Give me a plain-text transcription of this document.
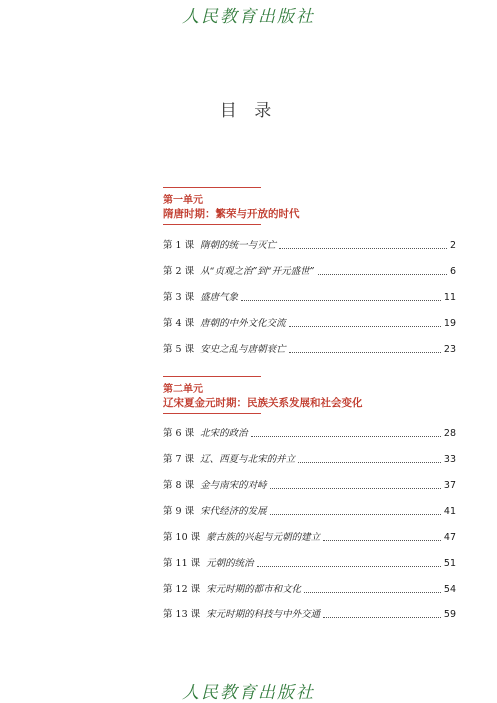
人民教育出版社
目 录
第一单元
隋唐时期：繁荣与开放的时代
第 1 课 隋朝的统一与灭亡	2
第 2 课 从“贞观之治”到“开元盛世”	6
第 3 课 盛唐气象	11
第 4 课 唐朝的中外文化交流	19
第 5 课 安史之乱与唐朝衰亡	23
第二单元
辽宋夏金元时期：民族关系发展和社会变化
第 6 课 北宋的政治	28
第 7 课 辽、西夏与北宋的并立	33
第 8 课 金与南宋的对峙	37
第 9 课 宋代经济的发展	41
第 10 课 蒙古族的兴起与元朝的建立	47
第 11 课 元朝的统治	51
第 12 课 宋元时期的都市和文化	54
第 13 课 宋元时期的科技与中外交通	59
人民教育出版社
